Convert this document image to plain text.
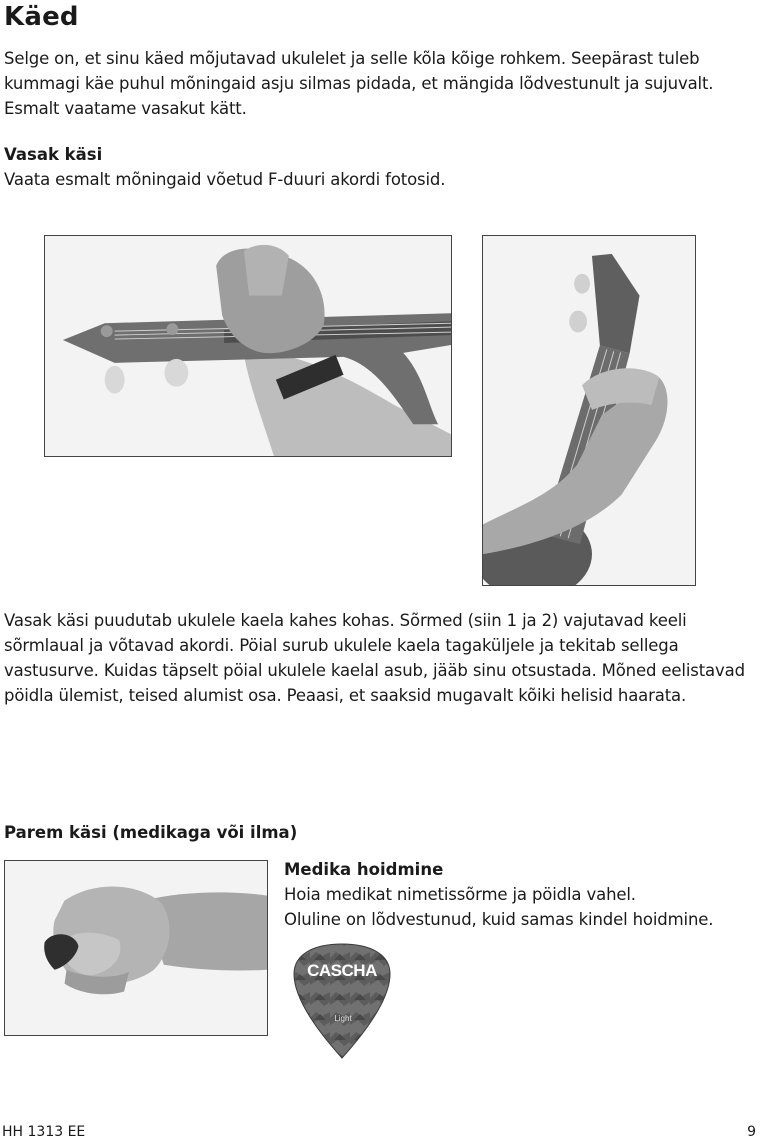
Käed

Selge on, et sinu käed mõjutavad ukulelet ja selle kõla kõige rohkem. Seepärast tuleb kummagi käe puhul mõningaid asju silmas pidada, et mängida lõdvestunult ja sujuvalt. Esmalt vaatame vasakut kätt.

Vasak käsi

Vaata esmalt mõningaid võetud F-duuri akordi fotosid.

Vasak käsi puudutab ukulele kaela kahes kohas. Sõrmed (siin 1 ja 2) vajutavad keeli sõrmlaual ja võtavad akordi. Pöial surub ukulele kaela tagaküljele ja tekitab sellega vastusurve. Kuidas täpselt pöial ukulele kaelal asub, jääb sinu otsustada. Mõned eelistavad pöidla ülemist, teised alumist osa. Peaasi, et saaksid mugavalt kõiki helisid haarata.

Parem käsi (medikaga või ilma)
Medika hoidmine

Hoia medikat nimetissõrme ja pöidla vahel.

Oluline on lõdvestunud, kuid samas kindel hoidmine.

CASCHA
Light
HH 1313 EE	9
